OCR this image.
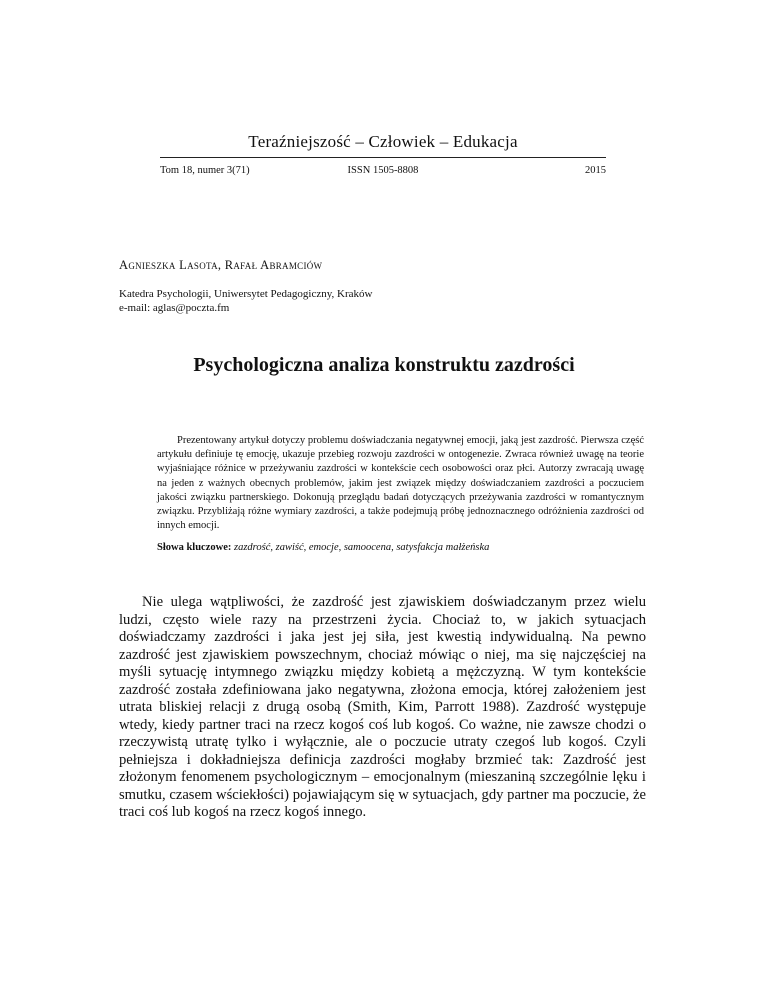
Teraźniejszość – Człowiek – Edukacja
Tom 18, numer 3(71)	ISSN 1505-8808	2015
Agnieszka Lasota, Rafał Abramciów
Katedra Psychologii, Uniwersytet Pedagogiczny, Kraków
e-mail: aglas@poczta.fm
Psychologiczna analiza konstruktu zazdrości

Prezentowany artykuł dotyczy problemu doświadczania negatywnej emocji, jaką jest zazdrość. Pierwsza część artykułu definiuje tę emocję, ukazuje przebieg rozwoju zazdrości w ontogenezie. Zwraca również uwagę na teorie wyjaśniające różnice w przeżywaniu zazdrości w kontekście cech osobowości oraz płci. Autorzy zwracają uwagę na jeden z ważnych obecnych problemów, jakim jest związek między doświadczaniem zazdrości a poczuciem jakości związku partnerskiego. Dokonują przeglądu badań dotyczących przeżywania zazdrości w romantycznym związku. Przybliżają różne wymiary zazdrości, a także podejmują próbę jednoznacznego odróżnienia zazdrości od innych emocji.

Słowa kluczowe: zazdrość, zawiść, emocje, samoocena, satysfakcja małżeńska

Nie ulega wątpliwości, że zazdrość jest zjawiskiem doświadczanym przez wielu ludzi, często wiele razy na przestrzeni życia. Chociaż to, w jakich sytuacjach doświadczamy zazdrości i jaka jest jej siła, jest kwestią indywidualną. Na pewno zazdrość jest zjawiskiem powszechnym, chociaż mówiąc o niej, ma się najczęściej na myśli sytuację intymnego związku między kobietą a mężczyzną. W tym kontekście zazdrość została zdefiniowana jako negatywna, złożona emocja, której założeniem jest utrata bliskiej relacji z drugą osobą (Smith, Kim, Parrott 1988). Zazdrość występuje wtedy, kiedy partner traci na rzecz kogoś coś lub kogoś. Co ważne, nie zawsze chodzi o rzeczywistą utratę tylko i wyłącznie, ale o poczucie utraty czegoś lub kogoś. Czyli pełniejsza i dokładniejsza definicja zazdrości mogłaby brzmieć tak: Zazdrość jest złożonym fenomenem psychologicznym – emocjonalnym (mieszaniną szczególnie lęku i smutku, czasem wściekłości) pojawiającym się w sytuacjach, gdy partner ma poczucie, że traci coś lub kogoś na rzecz kogoś innego.
